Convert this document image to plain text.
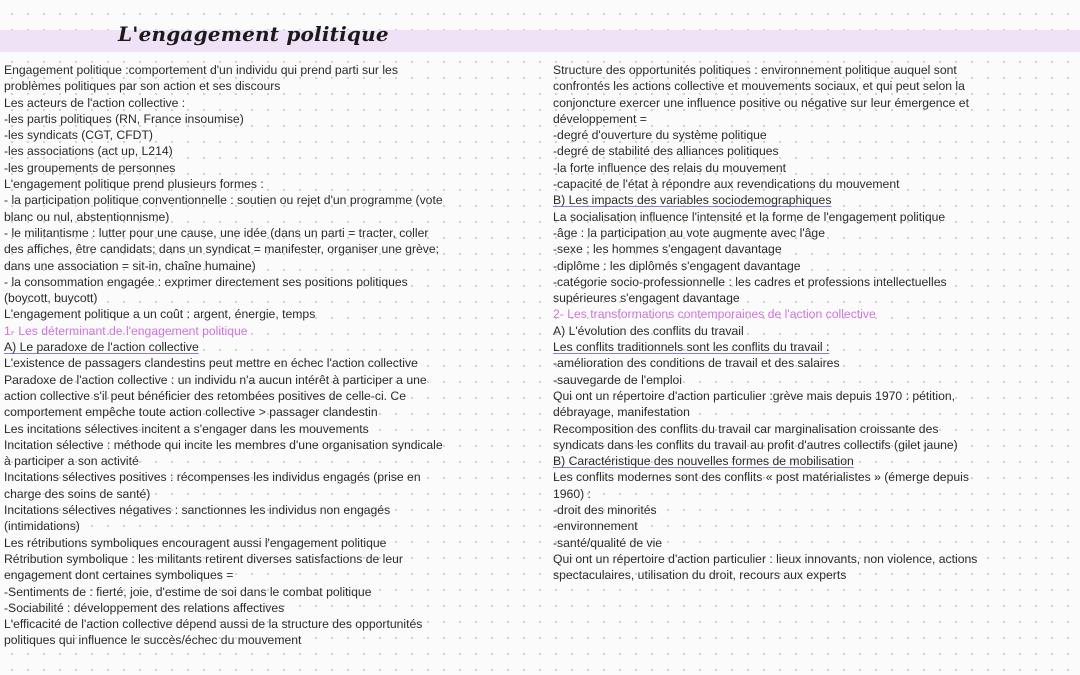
L'engagement politique
Engagement politique :comportement d'un individu qui prend parti sur les
problèmes politiques par son action et ses discours
Les acteurs de l'action collective :
-les partis politiques (RN, France insoumise)
-les syndicats (CGT, CFDT)
-les associations (act up, L214)
-les groupements de personnes
L'engagement politique prend plusieurs formes :
- la participation politique conventionnelle : soutien ou rejet d'un programme (vote
blanc ou nul, abstentionnisme)
- le militantisme : lutter pour une cause, une idée (dans un parti = tracter, coller
des affiches, être candidats; dans un syndicat = manifester, organiser une grève;
dans une association = sit-in, chaîne humaine)
- la consommation engagée : exprimer directement ses positions politiques
(boycott, buycott)
L'engagement politique a un coût : argent, énergie, temps
1- Les déterminant de l'engagement politique
A) Le paradoxe de l'action collective
L'existence de passagers clandestins peut mettre en échec l'action collective
Paradoxe de l'action collective : un individu n'a aucun intérêt à participer a une
action collective s'il peut bénéficier des retombées positives de celle-ci. Ce
comportement empêche toute action collective > passager clandestin
Les incitations sélectives incitent a s'engager dans les mouvements
Incitation sélective : méthode qui incite les membres d'une organisation syndicale
à participer a son activité
Incitations sélectives positives : récompenses les individus engagés (prise en
charge des soins de santé)
Incitations sélectives négatives : sanctionnes les individus non engagés
(intimidations)
Les rétributions symboliques encouragent aussi l'engagement politique
Rétribution symbolique : les militants retirent diverses satisfactions de leur
engagement dont certaines symboliques =
-Sentiments de : fierté, joie, d'estime de soi dans le combat politique
-Sociabilité : développement des relations affectives
L'efficacité de l'action collective dépend aussi de la structure des opportunités
politiques qui influence le succès/échec du mouvement
Structure des opportunités politiques : environnement politique auquel sont
confrontés les actions collective et mouvements sociaux, et qui peut selon la
conjoncture exercer une influence positive ou négative sur leur émergence et
développement =
-degré d'ouverture du système politique
-degré de stabilité des alliances politiques
-la forte influence des relais du mouvement
-capacité de l'état à répondre aux revendications du mouvement
B) Les impacts des variables sociodemographiques
La socialisation influence l'intensité et la forme de l'engagement politique
-âge : la participation au vote augmente avec l'âge
-sexe : les hommes s'engagent davantage
-diplôme : les diplômés s'engagent davantage
-catégorie socio-professionnelle : les cadres et professions intellectuelles
supérieures s'engagent davantage
2- Les transformations contemporaines de l'action collective
A) L'évolution des conflits du travail
Les conflits traditionnels sont les conflits du travail :
-amélioration des conditions de travail et des salaires
-sauvegarde de l'emploi
Qui ont un répertoire d'action particulier :grève mais depuis 1970 : pétition,
débrayage, manifestation
Recomposition des conflits du travail car marginalisation croissante des
syndicats dans les conflits du travail au profit d'autres collectifs (gilet jaune)
B) Caractéristique des nouvelles formes de mobilisation
Les conflits modernes sont des conflits « post matérialistes » (émerge depuis
1960) :
-droit des minorités
-environnement
-santé/qualité de vie
Qui ont un répertoire d'action particulier : lieux innovants, non violence, actions
spectaculaires, utilisation du droit, recours aux experts
